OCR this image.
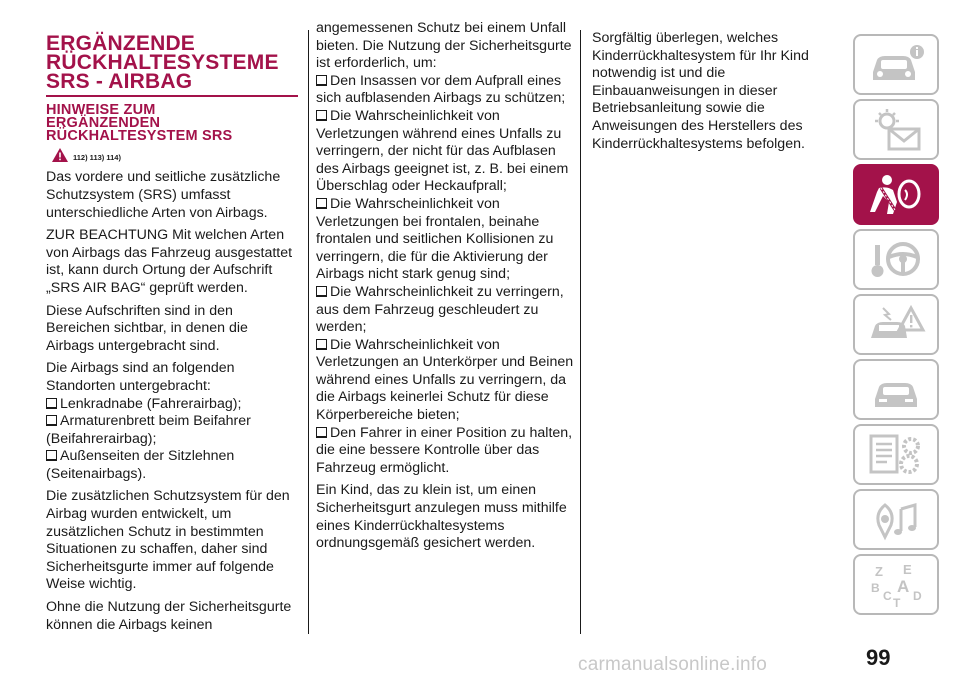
ERGÄNZENDE
RÜCKHALTESYSTEME
SRS - AIRBAG
HINWEISE ZUM
ERGÄNZENDEN
RÜCKHALTESYSTEM SRS
112) 113) 114)

Das vordere und seitliche zusätzliche Schutzsystem (SRS) umfasst unterschiedliche Arten von Airbags.

ZUR BEACHTUNG Mit welchen Arten von Airbags das Fahrzeug ausgestattet ist, kann durch Ortung der Aufschrift „SRS AIR BAG“ geprüft werden.

Diese Aufschriften sind in den Bereichen sichtbar, in denen die Airbags untergebracht sind.

Die Airbags sind an folgenden Standorten untergebracht:

Lenkradnabe (Fahrerairbag);
Armaturenbrett beim Beifahrer (Beifahrerairbag);
Außenseiten der Sitzlehnen (Seitenairbags).

Die zusätzlichen Schutzsystem für den Airbag wurden entwickelt, um zusätzlichen Schutz in bestimmten Situationen zu schaffen, daher sind Sicherheitsgurte immer auf folgende Weise wichtig.

Ohne die Nutzung der Sicherheitsgurte können die Airbags keinen

angemessenen Schutz bei einem Unfall bieten. Die Nutzung der Sicherheitsgurte ist erforderlich, um:

Den Insassen vor dem Aufprall eines sich aufblasenden Airbags zu schützen;
Die Wahrscheinlichkeit von Verletzungen während eines Unfalls zu verringern, der nicht für das Aufblasen des Airbags geeignet ist, z. B. bei einem Überschlag oder Heckaufprall;
Die Wahrscheinlichkeit von Verletzungen bei frontalen, beinahe frontalen und seitlichen Kollisionen zu verringern, die für die Aktivierung der Airbags nicht stark genug sind;
Die Wahrscheinlichkeit zu verringern, aus dem Fahrzeug geschleudert zu werden;
Die Wahrscheinlichkeit von Verletzungen an Unterkörper und Beinen während eines Unfalls zu verringern, da die Airbags keinerlei Schutz für diese Körperbereiche bieten;
Den Fahrer in einer Position zu halten, die eine bessere Kontrolle über das Fahrzeug ermöglicht.

Ein Kind, das zu klein ist, um einen Sicherheitsgurt anzulegen muss mithilfe eines Kinderrückhaltesystems ordnungsgemäß gesichert werden.

Sorgfältig überlegen, welches Kinderrückhaltesystem für Ihr Kind notwendig ist und die Einbauanweisungen in dieser Betriebsanleitung sowie die Anweisungen des Herstellers des Kinderrückhaltesystems befolgen.

Z E
B A
C D
T
99
carmanualsonline.info
